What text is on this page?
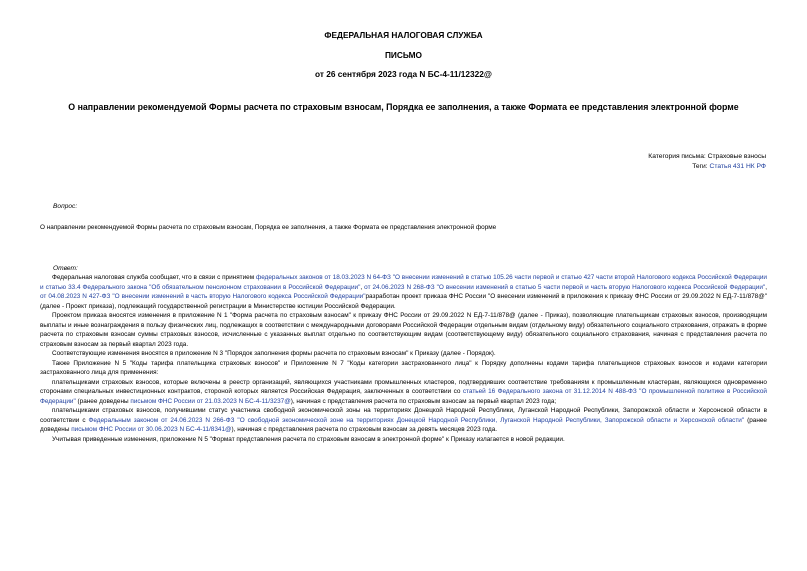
ФЕДЕРАЛЬНАЯ НАЛОГОВАЯ СЛУЖБА
ПИСЬМО
от 26 сентября 2023 года N БС-4-11/12322@
О направлении рекомендуемой Формы расчета по страховым взносам, Порядка ее заполнения, а также Формата ее представления электронной форме
Категория письма: Страховые взносы
Теги: Статья 431 НК РФ
Вопрос:
О направлении рекомендуемой Формы расчета по страховым взносам, Порядка ее заполнения, а также Формата ее представления электронной форме
Ответ:

Федеральная налоговая служба сообщает, что в связи с принятием федеральных законов от 18.03.2023 N 64-ФЗ "О внесении изменений в статью 105.26 части первой и статью 427 части второй Налогового кодекса Российской Федерации и статью 33.4 Федерального закона "Об обязательном пенсионном страховании в Российской Федерации", от 24.06.2023 N 268-ФЗ "О внесении изменений в статью 5 части первой и часть вторую Налогового кодекса Российской Федерации", от 04.08.2023 N 427-ФЗ "О внесении изменений в часть вторую Налогового кодекса Российской Федерации"разработан проект приказа ФНС России "О внесении изменений в приложения к приказу ФНС России от 29.09.2022 N ЕД-7-11/878@" (далее - Проект приказа), подлежащий государственной регистрации в Министерстве юстиции Российской Федерации.

Проектом приказа вносятся изменения в приложение N 1 "Форма расчета по страховым взносам" к приказу ФНС России от 29.09.2022 N ЕД-7-11/878@ (далее - Приказ), позволяющие плательщикам страховых взносов, производящим выплаты и иные вознаграждения в пользу физических лиц, подлежащих в соответствии с международными договорами Российской Федерации отдельным видам (отдельному виду) обязательного социального страхования, отражать в форме расчета по страховым взносам суммы страховых взносов, исчисленные с указанных выплат отдельно по соответствующим видам (соответствующему виду) обязательного социального страхования, начиная с представления расчета по страховым взносам за первый квартал 2023 года.

Соответствующие изменения вносятся в приложение N 3 "Порядок заполнения формы расчета по страховым взносам" к Приказу (далее - Порядок).

Также Приложение N 5 "Коды тарифа плательщика страховых взносов" и Приложение N 7 "Коды категории застрахованного лица" к Порядку дополнены кодами тарифа плательщиков страховых взносов и кодами категории застрахованного лица для применения:

плательщиками страховых взносов, которые включены в реестр организаций, являющихся участниками промышленных кластеров, подтвердивших соответствие требованиям к промышленным кластерам, являющихся одновременно сторонами специальных инвестиционных контрактов, стороной которых является Российская Федерация, заключенных в соответствии со статьей 16 Федерального закона от 31.12.2014 N 488-ФЗ "О промышленной политике в Российской Федерации" (ранее доведены письмом ФНС России от 21.03.2023 N БС-4-11/3237@), начиная с представления расчета по страховым взносам за первый квартал 2023 года;

плательщиками страховых взносов, получившими статус участника свободной экономической зоны на территориях Донецкой Народной Республики, Луганской Народной Республики, Запорожской области и Херсонской области в соответствии с Федеральным законом от 24.06.2023 N 266-ФЗ "О свободной экономической зоне на территориях Донецкой Народной Республики, Луганской Народной Республики, Запорожской области и Херсонской области" (ранее доведены письмом ФНС России от 30.06.2023 N БС-4-11/8341@), начиная с представления расчета по страховым взносам за девять месяцев 2023 года.

Учитывая приведенные изменения, приложение N 5 "Формат представления расчета по страховым взносам в электронной форме" к Приказу излагается в новой редакции.
